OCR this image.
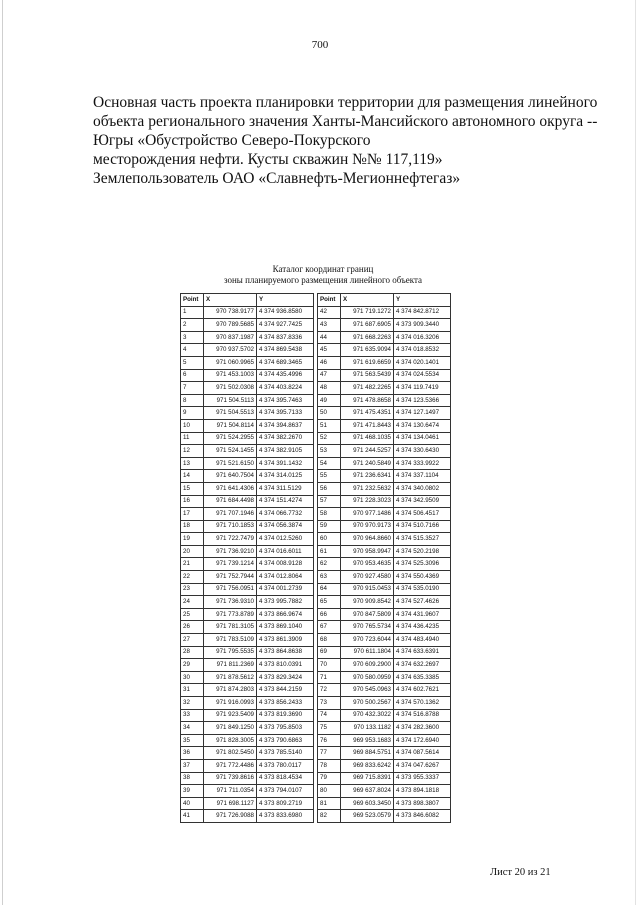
700
Основная часть проекта планировки территории для размещения линейного
объекта регионального значения Ханты-Мансийского автономного округа --
Югры «Обустройство Северо-Покурского
месторождения нефти. Кусты скважин №№ 117,119»
Землепользователь ОАО «Славнефть-Мегионнефтегаз»
Каталог координат границ
зоны планируемого размещения линейного объекта
Point	X	Y
1	970 738.9177	4 374 936.8580
2	970 789.5685	4 374 927.7425
3	970 837.1987	4 374 837.8336
4	970 937.5702	4 374 869.5438
5	971 060.9965	4 374 689.3465
6	971 453.1003	4 374 435.4996
7	971 502.0308	4 374 403.8224
8	971 504.5113	4 374 395.7463
9	971 504.5513	4 374 395.7133
10	971 504.8114	4 374 394.8637
11	971 524.2955	4 374 382.2670
12	971 524.1455	4 374 382.9105
13	971 521.6150	4 374 391.1432
14	971 640.7504	4 374 314.0125
15	971 641.4306	4 374 311.5129
16	971 684.4498	4 374 151.4274
17	971 707.1946	4 374 066.7732
18	971 710.1853	4 374 056.3874
19	971 722.7479	4 374 012.5260
20	971 736.9210	4 374 016.6011
21	971 739.1214	4 374 008.9128
22	971 752.7944	4 374 012.8064
23	971 756.0951	4 374 001.2739
24	971 736.9310	4 373 995.7882
25	971 773.8789	4 373 866.9674
26	971 781.3105	4 373 869.1040
27	971 783.5109	4 373 861.3909
28	971 795.5535	4 373 864.8638
29	971 811.2369	4 373 810.0391
30	971 878.5612	4 373 829.3424
31	971 874.2803	4 373 844.2159
32	971 916.0993	4 373 856.2433
33	971 923.5409	4 373 819.3690
34	971 849.1250	4 373 795.8503
35	971 828.3005	4 373 790.6863
36	971 802.5450	4 373 785.5140
37	971 772.4486	4 373 780.0117
38	971 739.8616	4 373 818.4534
39	971 711.0354	4 373 794.0107
40	971 698.1127	4 373 809.2719
41	971 726.9088	4 373 833.6980
Point	X	Y
42	971 719.1272	4 374 842.8712
43	971 687.6905	4 373 909.3440
44	971 668.2263	4 374 016.3206
45	971 635.9094	4 374 018.8532
46	971 619.6659	4 374 020.1401
47	971 563.5439	4 374 024.5534
48	971 482.2265	4 374 119.7419
49	971 478.8658	4 374 123.5366
50	971 475.4351	4 374 127.1497
51	971 471.8443	4 374 130.6474
52	971 468.1035	4 374 134.0461
53	971 244.5257	4 374 330.6430
54	971 240.5849	4 374 333.9922
55	971 236.6341	4 374 337.1104
56	971 232.5632	4 374 340.0802
57	971 228.3023	4 374 342.9509
58	970 977.1486	4 374 506.4517
59	970 970.9173	4 374 510.7166
60	970 964.8660	4 374 515.3527
61	970 958.9947	4 374 520.2198
62	970 953.4635	4 374 525.3096
63	970 927.4580	4 374 550.4369
64	970 915.0453	4 374 535.0190
65	970 909.8542	4 374 527.4626
66	970 847.5809	4 374 431.9607
67	970 765.5734	4 374 436.4235
68	970 723.6044	4 374 483.4940
69	970 611.1804	4 374 633.6391
70	970 609.2900	4 374 632.2697
71	970 580.0959	4 374 635.3385
72	970 545.0963	4 374 602.7621
73	970 500.2567	4 374 570.1362
74	970 432.3022	4 374 516.8788
75	970 133.1182	4 374 282.3600
76	969 953.1683	4 374 172.6940
77	969 884.5751	4 374 087.5614
78	969 833.6242	4 374 047.6267
79	969 715.8391	4 373 955.3337
80	969 637.8024	4 373 894.1818
81	969 603.3450	4 373 898.3807
82	969 523.0579	4 373 846.6082
Лист 20 из 21
